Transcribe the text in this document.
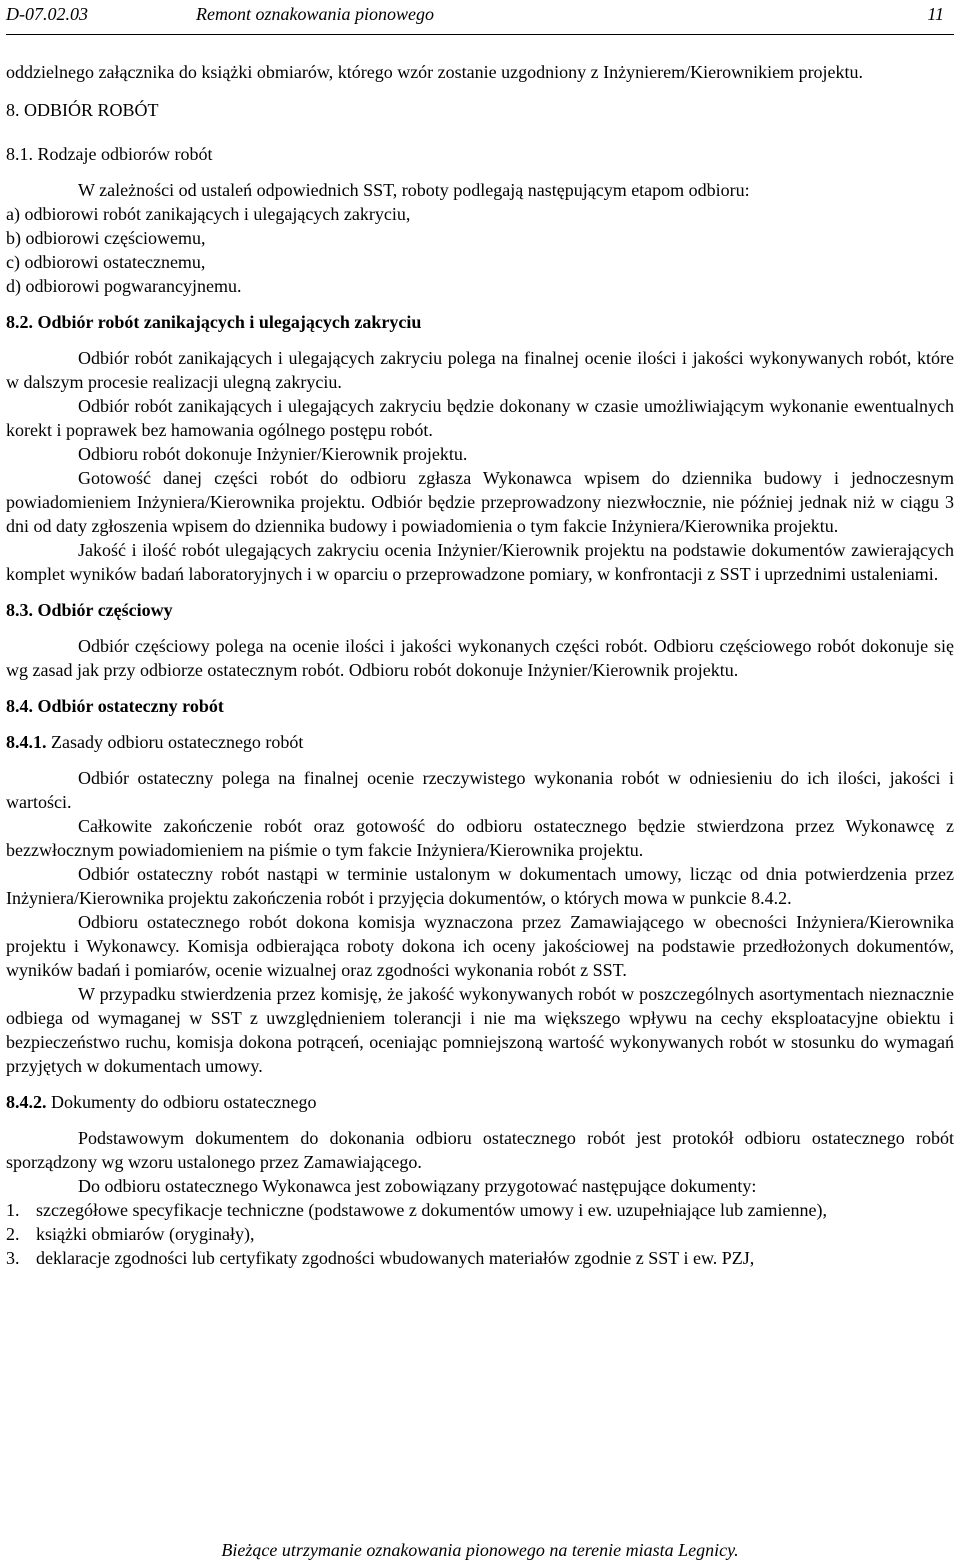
D-07.02.03	Remont oznakowania pionowego	11

oddzielnego załącznika do książki obmiarów, którego wzór zostanie uzgodniony z Inżynierem/Kierownikiem projektu.

8. ODBIÓR ROBÓT

8.1. Rodzaje odbiorów robót

W zależności od ustaleń odpowiednich SST, roboty podlegają następującym etapom odbioru:

a) odbiorowi robót zanikających i ulegających zakryciu,

b) odbiorowi częściowemu,

c) odbiorowi ostatecznemu,

d) odbiorowi pogwarancyjnemu.

8.2. Odbiór robót zanikających i ulegających zakryciu

Odbiór robót zanikających i ulegających zakryciu polega na finalnej ocenie ilości i jakości wykonywanych robót, które w dalszym procesie realizacji ulegną zakryciu.

Odbiór robót zanikających i ulegających zakryciu będzie dokonany w czasie umożliwiającym wykonanie ewentualnych korekt i poprawek bez hamowania ogólnego postępu robót.

Odbioru robót dokonuje Inżynier/Kierownik projektu.

Gotowość danej części robót do odbioru zgłasza Wykonawca wpisem do dziennika budowy i jednoczesnym powiadomieniem Inżyniera/Kierownika projektu. Odbiór będzie przeprowadzony niezwłocznie, nie później jednak niż w ciągu 3 dni od daty zgłoszenia wpisem do dziennika budowy i powiadomienia o tym fakcie Inżyniera/Kierownika projektu.

Jakość i ilość robót ulegających zakryciu ocenia Inżynier/Kierownik projektu na podstawie dokumentów zawierających komplet wyników badań laboratoryjnych i w oparciu o przeprowadzone pomiary, w konfrontacji z SST i uprzednimi ustaleniami.

8.3. Odbiór częściowy

Odbiór częściowy polega na ocenie ilości i jakości wykonanych części robót. Odbioru częściowego robót dokonuje się wg zasad jak przy odbiorze ostatecznym robót. Odbioru robót dokonuje Inżynier/Kierownik projektu.

8.4. Odbiór ostateczny robót

8.4.1. Zasady odbioru ostatecznego robót

Odbiór ostateczny polega na finalnej ocenie rzeczywistego wykonania robót w odniesieniu do ich ilości, jakości i wartości.

Całkowite zakończenie robót oraz gotowość do odbioru ostatecznego będzie stwierdzona przez Wykonawcę z bezzwłocznym powiadomieniem na piśmie o tym fakcie Inżyniera/Kierownika projektu.

Odbiór ostateczny robót nastąpi w terminie ustalonym w dokumentach umowy, licząc od dnia potwierdzenia przez Inżyniera/Kierownika projektu zakończenia robót i przyjęcia dokumentów, o których mowa w punkcie 8.4.2.

Odbioru ostatecznego robót dokona komisja wyznaczona przez Zamawiającego w obecności Inżyniera/Kierownika projektu i Wykonawcy. Komisja odbierająca roboty dokona ich oceny jakościowej na podstawie przedłożonych dokumentów, wyników badań i pomiarów, ocenie wizualnej oraz zgodności wykonania robót z SST.

W przypadku stwierdzenia przez komisję, że jakość wykonywanych robót w poszczególnych asortymentach nieznacznie odbiega od wymaganej w SST z uwzględnieniem tolerancji i nie ma większego wpływu na cechy eksploatacyjne obiektu i bezpieczeństwo ruchu, komisja dokona potrąceń, oceniając pomniejszoną wartość wykonywanych robót w stosunku do wymagań przyjętych w dokumentach umowy.

8.4.2. Dokumenty do odbioru ostatecznego

Podstawowym dokumentem do dokonania odbioru ostatecznego robót jest protokół odbioru ostatecznego robót sporządzony wg wzoru ustalonego przez Zamawiającego.

Do odbioru ostatecznego Wykonawca jest zobowiązany przygotować następujące dokumenty:

1. szczegółowe specyfikacje techniczne (podstawowe z dokumentów umowy i ew. uzupełniające lub zamienne),
2. książki obmiarów (oryginały),
3. deklaracje zgodności lub certyfikaty zgodności wbudowanych materiałów zgodnie z SST i ew. PZJ,
Bieżące utrzymanie oznakowania pionowego na terenie miasta Legnicy.
